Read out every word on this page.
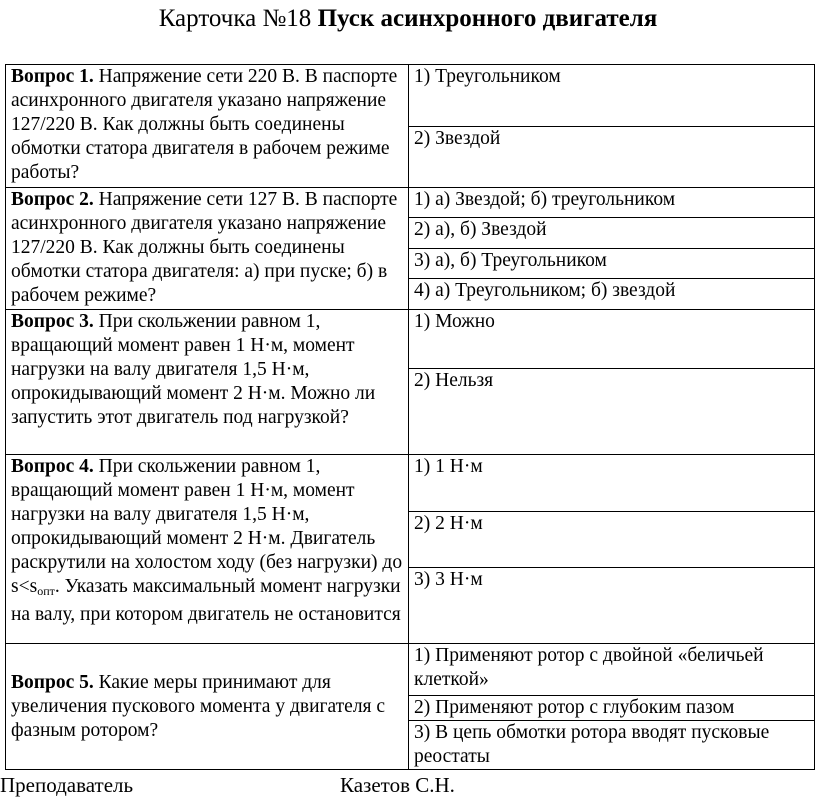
Карточка №18 Пуск асинхронного двигателя
Вопрос 1. Напряжение сети 220 В. В паспорте асинхронного двигателя указано напряжение 127/220 В. Как должны быть соединены обмотки статора двигателя в рабочем режиме работы?	1) Треугольником
	2) Звездой
Вопрос 2. Напряжение сети 127 В. В паспорте асинхронного двигателя указано напряжение 127/220 В. Как должны быть соединены обмотки статора двигателя: а) при пуске; б) в рабочем режиме?	1) а) Звездой; б) треугольником
	2) а), б) Звездой
	3) а), б) Треугольником
	4) а) Треугольником; б) звездой
Вопрос 3. При скольжении равном 1, вращающий момент равен 1 Н·м, момент нагрузки на валу двигателя 1,5 Н·м, опрокидывающий момент 2 Н·м. Можно ли запустить этот двигатель под нагрузкой?	1) Можно
	2) Нельзя
Вопрос 4. При скольжении равном 1, вращающий момент равен 1 Н·м, момент нагрузки на валу двигателя 1,5 Н·м, опрокидывающий момент 2 Н·м. Двигатель раскрутили на холостом ходу (без нагрузки) до $s<s_{опт}$. Указать максимальный момент нагрузки на валу, при котором двигатель не остановится	1) 1 Н·м
	2) 2 Н·м
	3) 3 Н·м
Вопрос 5. Какие меры принимают для увеличения пускового момента у двигателя с фазным ротором?	1) Применяют ротор с двойной «беличьей клеткой»
	2) Применяют ротор с глубоким пазом
	3) В цепь обмотки ротора вводят пусковые реостаты
Преподаватель	Казетов С.Н.
